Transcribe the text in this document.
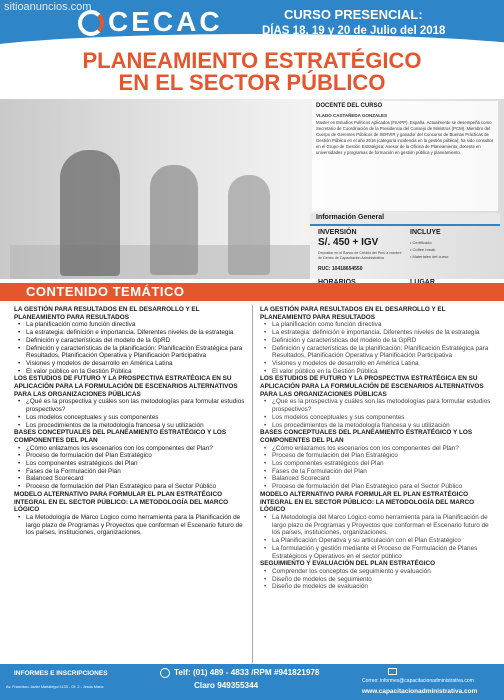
sitioanuncios.com CECAC
CENTRO DE CAPACITACIÓN ADMINISTRATIVA Y CONSULTORÍA
CURSO PRESENCIAL:
DÍAS 18, 19 y 20 de Julio del 2018
PLANEAMIENTO ESTRATÉGICO
EN EL SECTOR PÚBLICO
DOCENTE DEL CURSO
VLADO CASTAÑEDA GONZALES
Master en Estudios Políticos Aplicados (FIIAPP), España. Actualmente se desempeña como Secretario de Coordinación de la Presidencia del Consejo de Ministros (PCM). Miembro del Cuerpo de Gerentes Públicos de SERVIR y ganador del Concurso de Buenas Prácticas de Gestión Pública en el año 2016 (categoría incidencia en la gestión pública); ha sido consultor en el Grupo de Gestión Estratégica; Asesor de la Oficina de Planeamiento; docente en universidades y programas de formación en gestión pública y planeamiento.
Información General
INVERSIÓN
S/. 450 + IGV
Depositar en el Banco de Crédito del Perú a nombre de Centro de Capacitación Administrativa
RUC: 10418654550
INCLUYE
• Certificado
• Coffee break
• Materiales del curso
CONTENIDO TEMÁTICO
LA GESTIÓN PARA RESULTADOS EN EL DESARROLLO Y EL PLANEAMIENTO PARA RESULTADOS
• La planificación como función directiva
• La estrategia: definición e importancia. Diferentes niveles de la estrategia
• Definición y características del modelo de la GpRD
• Definición y características de la planificación: Planificación Estratégica para Resultados, Planificación Operativa y Planificación Participativa
• Visiones y modelos de desarrollo en América Latina
• El valor público en la Gestión Pública
LOS ESTUDIOS DE FUTURO Y LA PROSPECTIVA ESTRATÉGICA EN SU APLICACIÓN PARA LA FORMULACIÓN DE ESCENARIOS ALTERNATIVOS PARA LAS ORGANIZACIONES PÚBLICAS
• ¿Qué es la prospectiva y cuáles son las metodologías para formular estudios prospectivos?
• Los modelos conceptuales y sus componentes
• Los procedimientos de la metodología francesa y su utilización
BASES CONCEPTUALES DEL PLANEAMIENTO ESTRATÉGICO Y LOS COMPONENTES DEL PLAN
• ¿Cómo enlazamos los escenarios con los componentes del Plan?
• Proceso de formulación del Plan Estratégico
• Los componentes estratégicos del Plan
• Fases de la Formulación del Plan
• Balanced Scorecard
• Proceso de formulación del Plan Estratégico para el Sector Público
MODELO ALTERNATIVO PARA FORMULAR EL PLAN ESTRATÉGICO INTEGRAL EN EL SECTOR PÚBLICO: LA METODOLOGÍA DEL MARCO LÓGICO
• La Metodología de Marco Lógico como herramienta para la Planificación de largo plazo de Programas y Proyectos que conforman el Escenario futuro de los países, instituciones, organizaciones.
LA GESTIÓN PARA RESULTADOS EN EL DESARROLLO Y EL PLANEAMIENTO PARA RESULTADOS
• La planificación como función directiva
• La estrategia: definición e importancia. Diferentes niveles de la estrategia
• Definición y características del modelo de la GpRD
• Definición y características de la planificación: Planificación Estratégica para Resultados, Planificación Operativa y Planificación Participativa
• Visiones y modelos de desarrollo en América Latina
• El valor público en la Gestión Pública
LOS ESTUDIOS DE FUTURO Y LA PROSPECTIVA ESTRATÉGICA EN SU APLICACIÓN PARA LA FORMULACIÓN DE ESCENARIOS ALTERNATIVOS PARA LAS ORGANIZACIONES PÚBLICAS
• ¿Qué es la prospectiva y cuáles son las metodologías para formular estudios prospectivos?
• Los modelos conceptuales y sus componentes
• Los procedimientos de la metodología francesa y su utilización
BASES CONCEPTUALES DEL PLANEAMIENTO ESTRATÉGICO Y LOS COMPONENTES DEL PLAN
• ¿Cómo enlazamos los escenarios con los componentes del Plan?
• Proceso de formulación del Plan Estratégico
• Los componentes estratégicos del Plan
• Fases de la Formulación del Plan
• Balanced Scorecard
• Proceso de formulación del Plan Estratégico para el Sector Público
MODELO ALTERNATIVO PARA FORMULAR EL PLAN ESTRATÉGICO INTEGRAL EN EL SECTOR PÚBLICO: LA METODOLOGÍA DEL MARCO LÓGICO
• La Metodología del Marco Lógico como herramienta para la Planificación de largo plazo de Programas y Proyectos que conforman el Escenario futuro de los países, instituciones, organizaciones.
• La Planificación Operativa y su articulación con el Plan Estratégico
• La formulación y gestión mediante el Proceso de Formulación de Planes Estratégicos y Operativos en el sector público
SEGUIMIENTO Y EVALUACIÓN DEL PLAN ESTRATÉGICO
• Comprender los conceptos de seguimiento y evaluación
• Diseño de modelos de seguimiento
• Diseño de modelos de evaluación
INFORMES E INSCRIPCIONES
Av. Francisco Javier Mariátegui 1133 - Of. 2 - Jesús María
Telf: (01) 489 - 4833 /RPM #941821978
Claro 949355344	Correo: informes@capacitacionadministrativa.com
www.capacitacionadministrativa.com
